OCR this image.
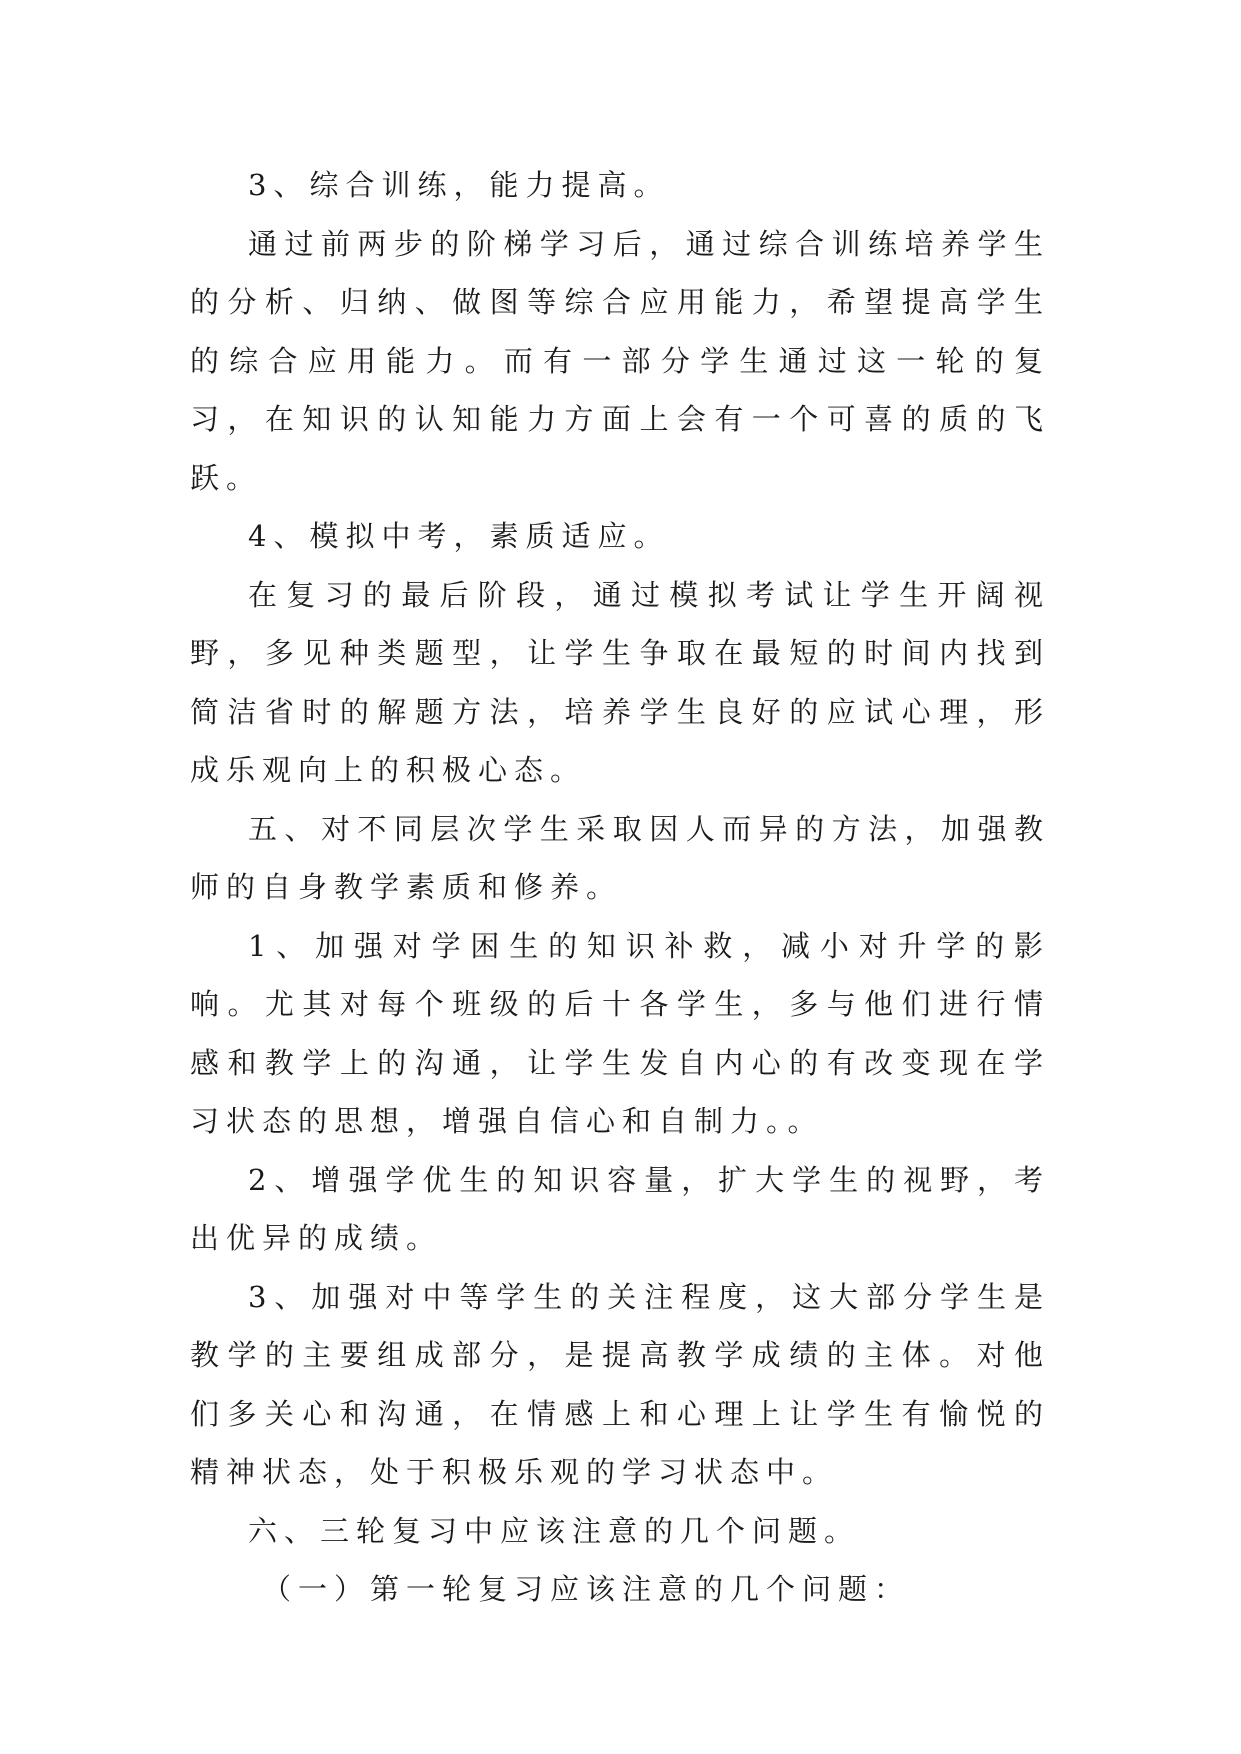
3、综合训练，能力提高。

通过前两步的阶梯学习后，通过综合训练培养学生的分析、归纳、做图等综合应用能力，希望提高学生的综合应用能力。而有一部分学生通过这一轮的复习，在知识的认知能力方面上会有一个可喜的质的飞跃。

4、模拟中考，素质适应。

在复习的最后阶段，通过模拟考试让学生开阔视野，多见种类题型，让学生争取在最短的时间内找到简洁省时的解题方法，培养学生良好的应试心理，形成乐观向上的积极心态。

五、对不同层次学生采取因人而异的方法，加强教师的自身教学素质和修养。

1、加强对学困生的知识补救，减小对升学的影响。尤其对每个班级的后十各学生，多与他们进行情感和教学上的沟通，让学生发自内心的有改变现在学习状态的思想，增强自信心和自制力。。

2、增强学优生的知识容量，扩大学生的视野，考出优异的成绩。

3、加强对中等学生的关注程度，这大部分学生是教学的主要组成部分，是提高教学成绩的主体。对他们多关心和沟通，在情感上和心理上让学生有愉悦的精神状态，处于积极乐观的学习状态中。

六、三轮复习中应该注意的几个问题。

（一）第一轮复习应该注意的几个问题：
